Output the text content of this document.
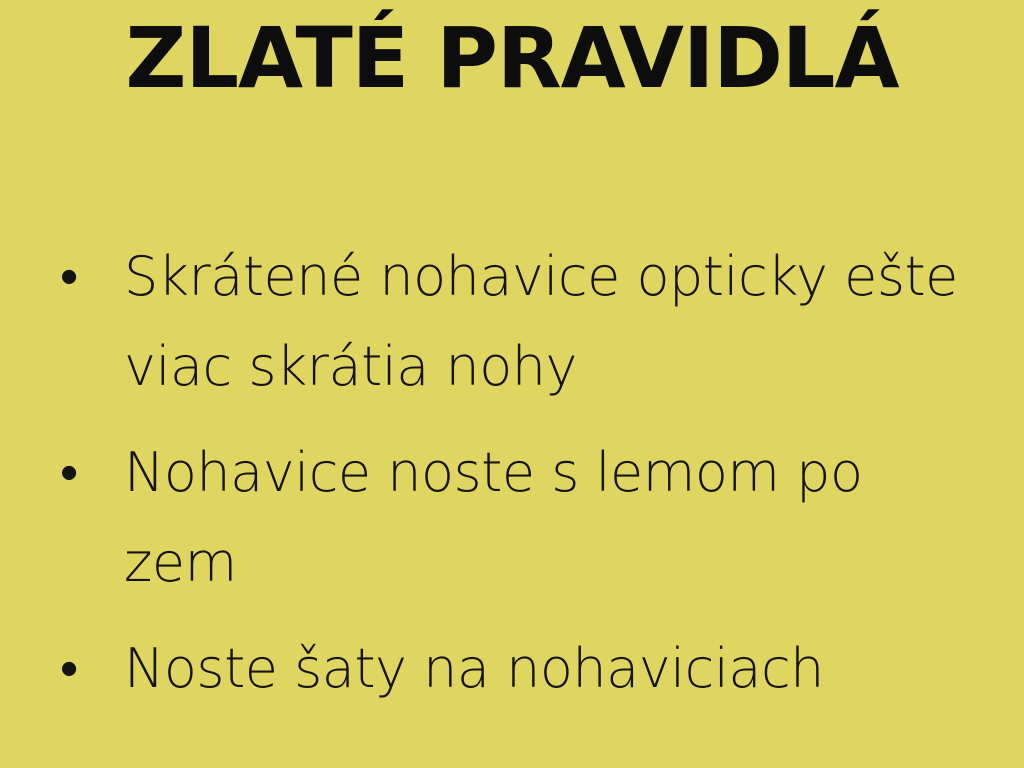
ZLATÉ PRAVIDLÁ
• Skrátené nohavice opticky ešte viac skrátia nohy
• Nohavice noste s lemom po zem
• Noste šaty na nohaviciach
